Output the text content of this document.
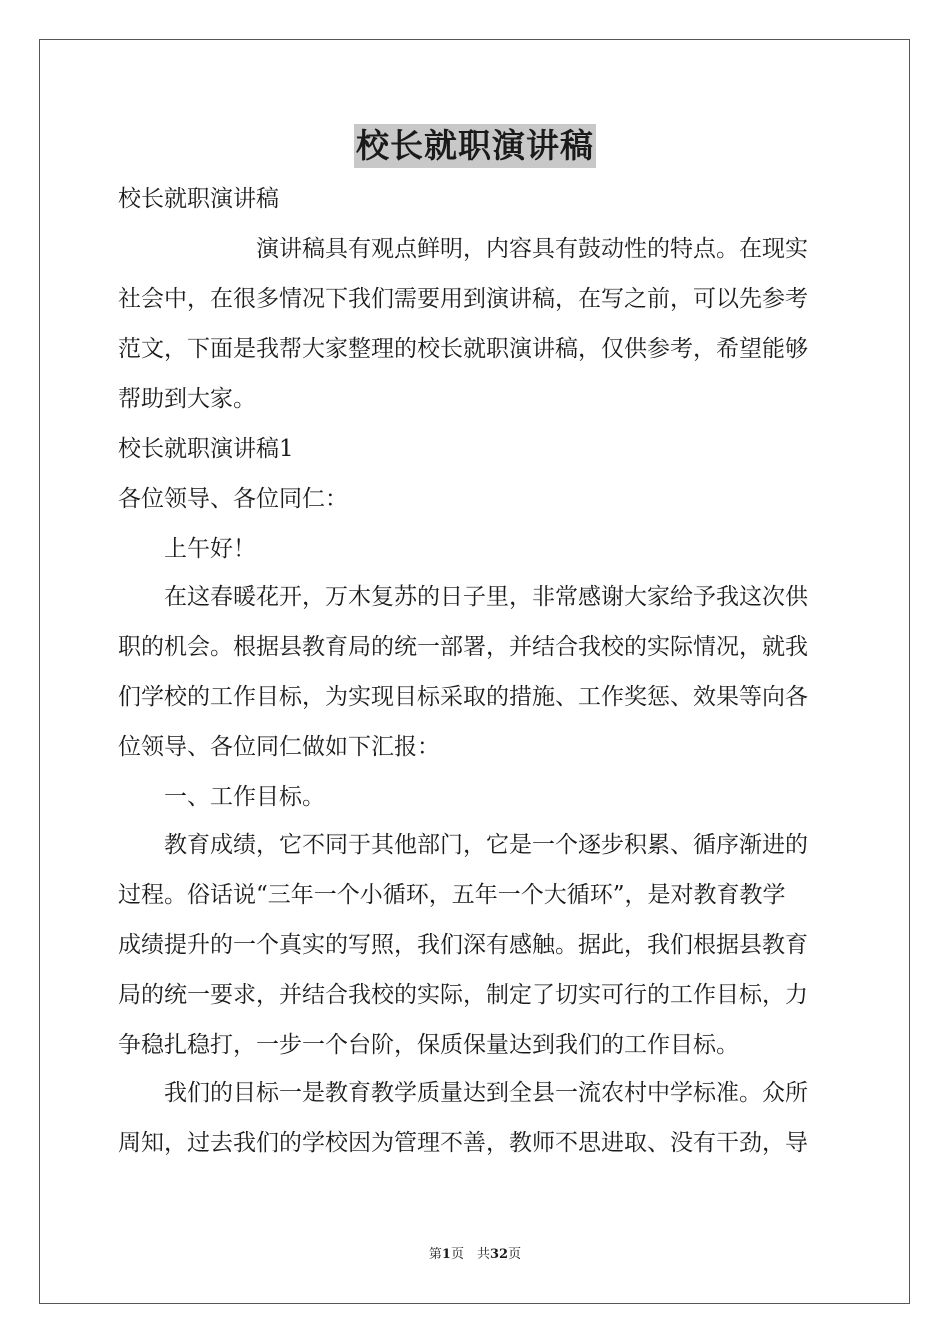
校长就职演讲稿
校长就职演讲稿
　　　　　　演讲稿具有观点鲜明，内容具有鼓动性的特点。在现实
社会中，在很多情况下我们需要用到演讲稿，在写之前，可以先参考
范文，下面是我帮大家整理的校长就职演讲稿，仅供参考，希望能够
帮助到大家。
校长就职演讲稿1
各位领导、各位同仁：
　　上午好！
　　在这春暖花开，万木复苏的日子里，非常感谢大家给予我这次供
职的机会。根据县教育局的统一部署，并结合我校的实际情况，就我
们学校的工作目标，为实现目标采取的措施、工作奖惩、效果等向各
位领导、各位同仁做如下汇报：
　　一、工作目标。
　　教育成绩，它不同于其他部门，它是一个逐步积累、循序渐进的
过程。俗话说“三年一个小循环，五年一个大循环”，是对教育教学
成绩提升的一个真实的写照，我们深有感触。据此，我们根据县教育
局的统一要求，并结合我校的实际，制定了切实可行的工作目标，力
争稳扎稳打，一步一个台阶，保质保量达到我们的工作目标。
　　我们的目标一是教育教学质量达到全县一流农村中学标准。众所
周知，过去我们的学校因为管理不善，教师不思进取、没有干劲，导
第1页　共32页
